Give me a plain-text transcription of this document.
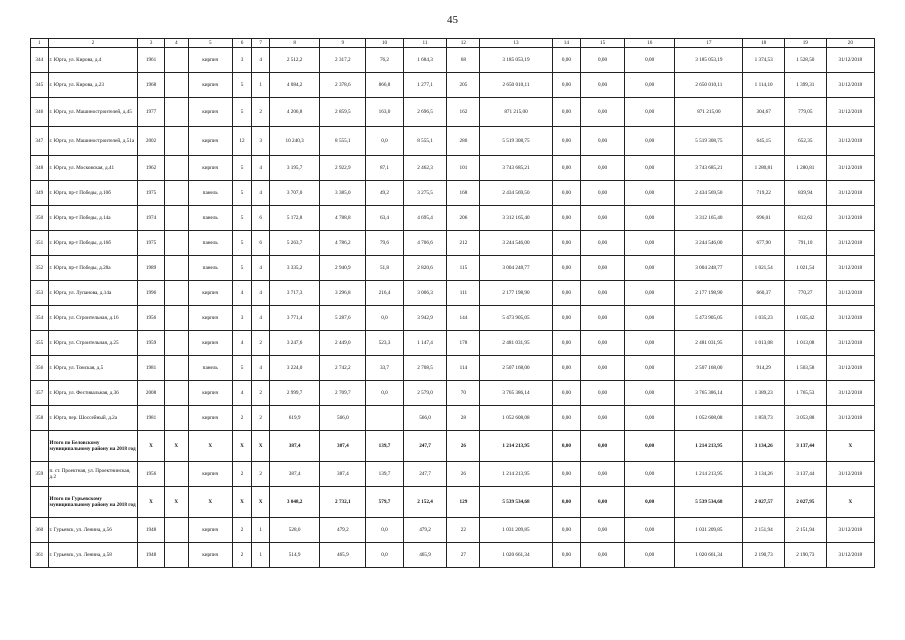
45
1	2	3	4	5	6	7	8	9	10	11	12	13	14	15	16	17	18	19	20
344	г. Юрга, ул. Кирова, д.4	1961		кирпич	3	4	2 512,2	2 317,2	76,2	1 684,3	68	3 185 053,19	0,00	0,00	0,00	3 185 053,19	1 374,53	1 528,50	31/12/2018
345	г. Юрга, ул. Кирова, д.23	1968		кирпич	5	1	4 084,2	2 378,6	866,8	1 277,1	205	2 650 010,11	0,00	0,00	0,00	2 650 010,11	1 114,10	1 399,31	31/12/2018
346	г. Юрга, ул. Машиностроителей, д.45	1977		кирпич	5	2	4 206,8	2 859,5	163,0	2 696,5	162	871 215,00	0,00	0,00	0,00	871 215,00	304,67	779,05	31/12/2018
347	г. Юрга, ул. Машиностроителей, д.51а	2002		кирпич	12	3	10 240,3	8 555,1	0,0	8 555,1	280	5 519 308,75	0,00	0,00	0,00	5 519 308,75	645,15	652,35	31/12/2018
348	г. Юрга, ул. Московская, д.41	1962		кирпич	5	4	3 195,7	2 922,9	87,1	2 462,3	101	3 743 685,21	0,00	0,00	0,00	3 743 685,21	1 280,81	1 280,81	31/12/2018
349	г. Юрга, пр-т Победы, д.10б	1975		панель	5	4	3 707,0	3 385,0	49,2	3 275,5	168	2 434 569,50	0,00	0,00	0,00	2 434 569,50	719,22	839,94	31/12/2018
350	г. Юрга, пр-т Победы, д.14а	1974		панель	5	6	5 172,8	4 788,8	63,4	4 695,4	206	3 312 165,40	0,00	0,00	0,00	3 312 165,40	696,01	812,62	31/12/2018
351	г. Юрга, пр-т Победы, д.16б	1975		панель	5	6	5 263,7	4 786,2	79,6	4 706,6	212	3 244 546,00	0,00	0,00	0,00	3 244 546,00	677,90	791,10	31/12/2018
352	г. Юрга, пр-т Победы, д.28а	1989		панель	5	4	3 335,2	2 940,9	51,8	2 820,6	115	3 004 248,77	0,00	0,00	0,00	3 004 248,77	1 021,54	1 021,54	31/12/2018
353	г. Юрга, ул. Лупанова, д.14а	1996		кирпич	4	4	3 717,3	3 296,8	216,4	3 006,3	111	2 177 198,90	0,00	0,00	0,00	2 177 198,90	660,37	770,27	31/12/2018
354	г. Юрга, ул. Строительная, д.16	1956		кирпич	3	4	3 771,4	5 287,6	0,0	3 942,9	144	5 473 905,05	0,00	0,00	0,00	5 473 905,05	1 035,23	1 035,42	31/12/2018
355	г. Юрга, ул. Строительная, д.25	1959		кирпич	4	2	3 247,6	2 449,0	523,3	1 147,4	178	2 481 031,95	0,00	0,00	0,00	2 481 031,95	1 013,08	1 013,08	31/12/2018
356	г. Юрга, ул. Томская, д.5	1981		панель	5	4	3 224,0	2 742,2	33,7	2 708,5	114	2 507 168,00	0,00	0,00	0,00	2 507 168,00	914,29	1 503,58	31/12/2018
357	г. Юрга, ул. Фестивальная, д.36	2008		кирпич	4	2	2 999,7	2 709,7	0,0	2 579,0	70	3 765 386,14	0,00	0,00	0,00	3 765 386,14	1 389,23	1 765,53	31/12/2018
358	г. Юрга, пер. Шоссейный, д.2а	1981		кирпич	2	2	619,9	566,0		566,0	28	1 052 608,08	0,00	0,00	0,00	1 052 608,08	1 859,73	3 053,88	31/12/2018
	Итого по Беловскому муниципальному району на 2018 год	X	X	X	X	X	387,4	387,4	139,7	247,7	26	1 214 213,95	0,00	0,00	0,00	1 214 213,95	3 134,26	3 137,44	X
359	п. ст. Проектная, ул. Проектнинская, д.2	1956		кирпич	2	2	387,4	387,4	139,7	247,7	26	1 214 213,95	0,00	0,00	0,00	1 214 213,95	3 134,26	3 137,44	31/12/2018
	Итого по Гурьевскому муниципальному району на 2018 год	X	X	X	X	X	3 048,2	2 732,1	579,7	2 152,4	129	5 539 534,68	0,00	0,00	0,00	5 539 534,68	2 027,57	2 027,95	X
360	г. Гурьевск, ул. Ленина, д.56	1948		кирпич	2	1	528,0	479,2	0,0	479,2	22	1 031 209,85	0,00	0,00	0,00	1 031 209,85	2 151,94	2 151,94	31/12/2018
361	г. Гурьевск, ул. Ленина, д.58	1948		кирпич	2	1	514,9	465,9	0,0	465,9	27	1 020 661,34	0,00	0,00	0,00	1 020 661,34	2 190,73	2 190,73	31/12/2018
